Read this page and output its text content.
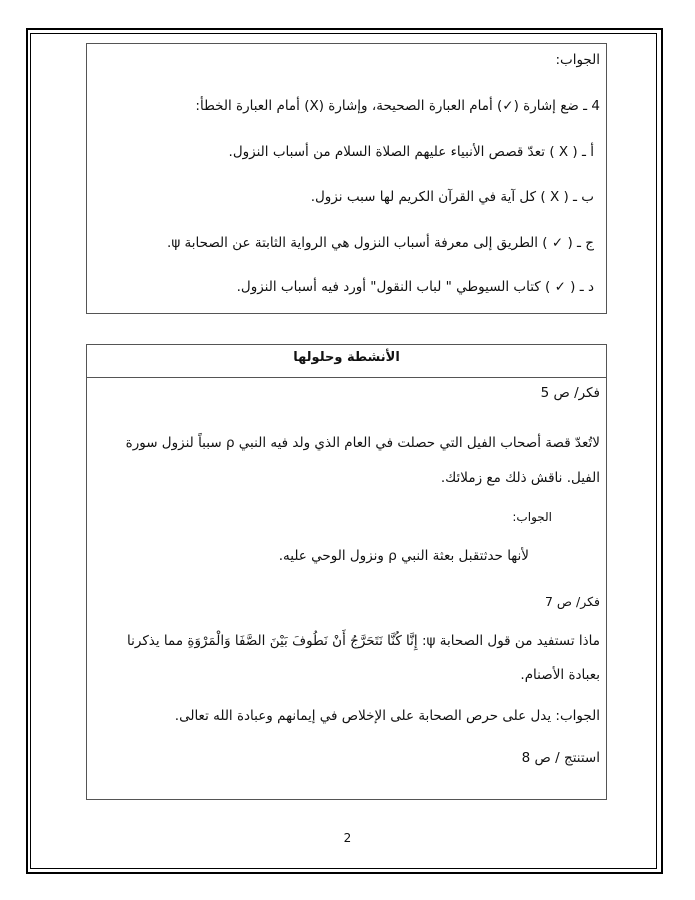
الجواب:
4 ـ ضع إشارة (✓) أمام العبارة الصحيحة، وإشارة (X) أمام العبارة الخطأ:
أ ـ ( X ) تعدّ قصص الأنبياء عليهم الصلاة السلام من أسباب النزول.
ب ـ ( X ) كل آية في القرآن الكريم لها سبب نزول.
ج ـ ( ✓ ) الطريق إلى معرفة أسباب النزول هي الرواية الثابتة عن الصحابة ψ.
د ـ ( ✓ ) كتاب السيوطي " لباب النقول" أورد فيه أسباب النزول.
الأنشطة وحلولها
فكر/ ص 5
لاتُعدّ قصة أصحاب الفيل التي حصلت في العام الذي ولد فيه النبي ρ سبباً لنزول سورة
الفيل. ناقش ذلك مع زملائك.
الجواب:
لأنها حدثتقبل بعثة النبي ρ ونزول الوحي عليه.
فكر/ ص 7
ماذا تستفيد من قول الصحابة ψ: إِنَّا كُنَّا نَتَحَرَّجُ أَنْ نَطُوفَ بَيْنَ الصَّفَا وَالْمَرْوَةِ مما يذكرنا
بعبادة الأصنام.
الجواب: يدل على حرص الصحابة على الإخلاص في إيمانهم وعبادة الله تعالى.
استنتج / ص 8
2
